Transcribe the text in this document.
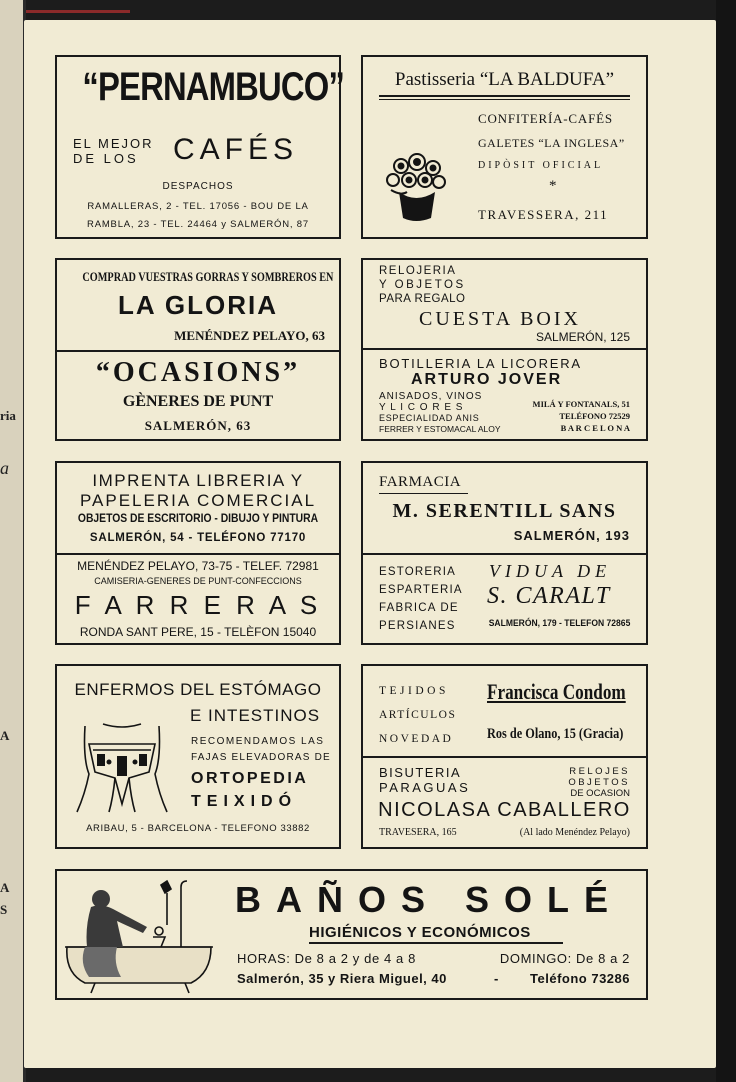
ria
a
A
A
S
“PERNAMBUCO”
EL MEJOR
DE LOS CAFÉS
DESPACHOS
RAMALLERAS, 2 - TEL. 17056 - BOU DE LA
RAMBLA, 23 - TEL. 24464 y SALMERÓN, 87
Pastisseria “LA BALDUFA”
CONFITERÍA-CAFÉS
GALETES “LA INGLESA”
DIPÒSIT OFICIAL
*
TRAVESSERA, 211
COMPRAD VUESTRAS GORRAS Y SOMBREROS EN
LA GLORIA
MENÉNDEZ PELAYO, 63
“OCASIONS”
GÈNERES DE PUNT
SALMERÓN, 63
RELOJERIA
Y OBJETOS
PARA REGALO
CUESTA BOIX
SALMERÓN, 125
BOTILLERIA LA LICORERA
ARTURO JOVER
ANISADOS, VINOS
Y L I C O R E S
ESPECIALIDAD ANIS
FERRER Y ESTOMACAL ALOY
MILÁ Y FONTANALS, 51
TELÉFONO 72529
B A R C E L O N A
IMPRENTA LIBRERIA Y
PAPELERIA COMERCIAL
OBJETOS DE ESCRITORIO - DIBUJO Y PINTURA
SALMERÓN, 54 - TELÉFONO 77170
MENÉNDEZ PELAYO, 73-75 - TELEF. 72981
CAMISERIA-GENERES DE PUNT-CONFECCIONS
F A R R E R A S
RONDA SANT PERE, 15 - TELÈFON 15040
FARMACIA
M. SERENTILL SANS
SALMERÓN, 193
ESTORERIA
ESPARTERIA
FABRICA DE
PERSIANES
VIDUA DE
S. CARALT
SALMERÓN, 179 - TELEFON 72865
ENFERMOS DEL ESTÓMAGO
E INTESTINOS
RECOMENDAMOS LAS
FAJAS ELEVADORAS DE
ORTOPEDIA
TEIXIDÓ
ARIBAU, 5 - BARCELONA - TELEFONO 33882
TEJIDOS
ARTÍCULOS
NOVEDAD
Francisca Condom
Ros de Olano, 15 (Gracia)
BISUTERIA
PARAGUAS
RELOJES
OBJETOS
DE OCASION
NICOLASA CABALLERO
TRAVESERA, 165	(Al lado Menéndez Pelayo)
BAÑOS SOLÉ
HIGIÉNICOS Y ECONÓMICOS
HORAS: De 8 a 2 y de 4 a 8	DOMINGO: De 8 a 2
Salmerón, 35 y Riera Miguel, 40	- Teléfono 73286
